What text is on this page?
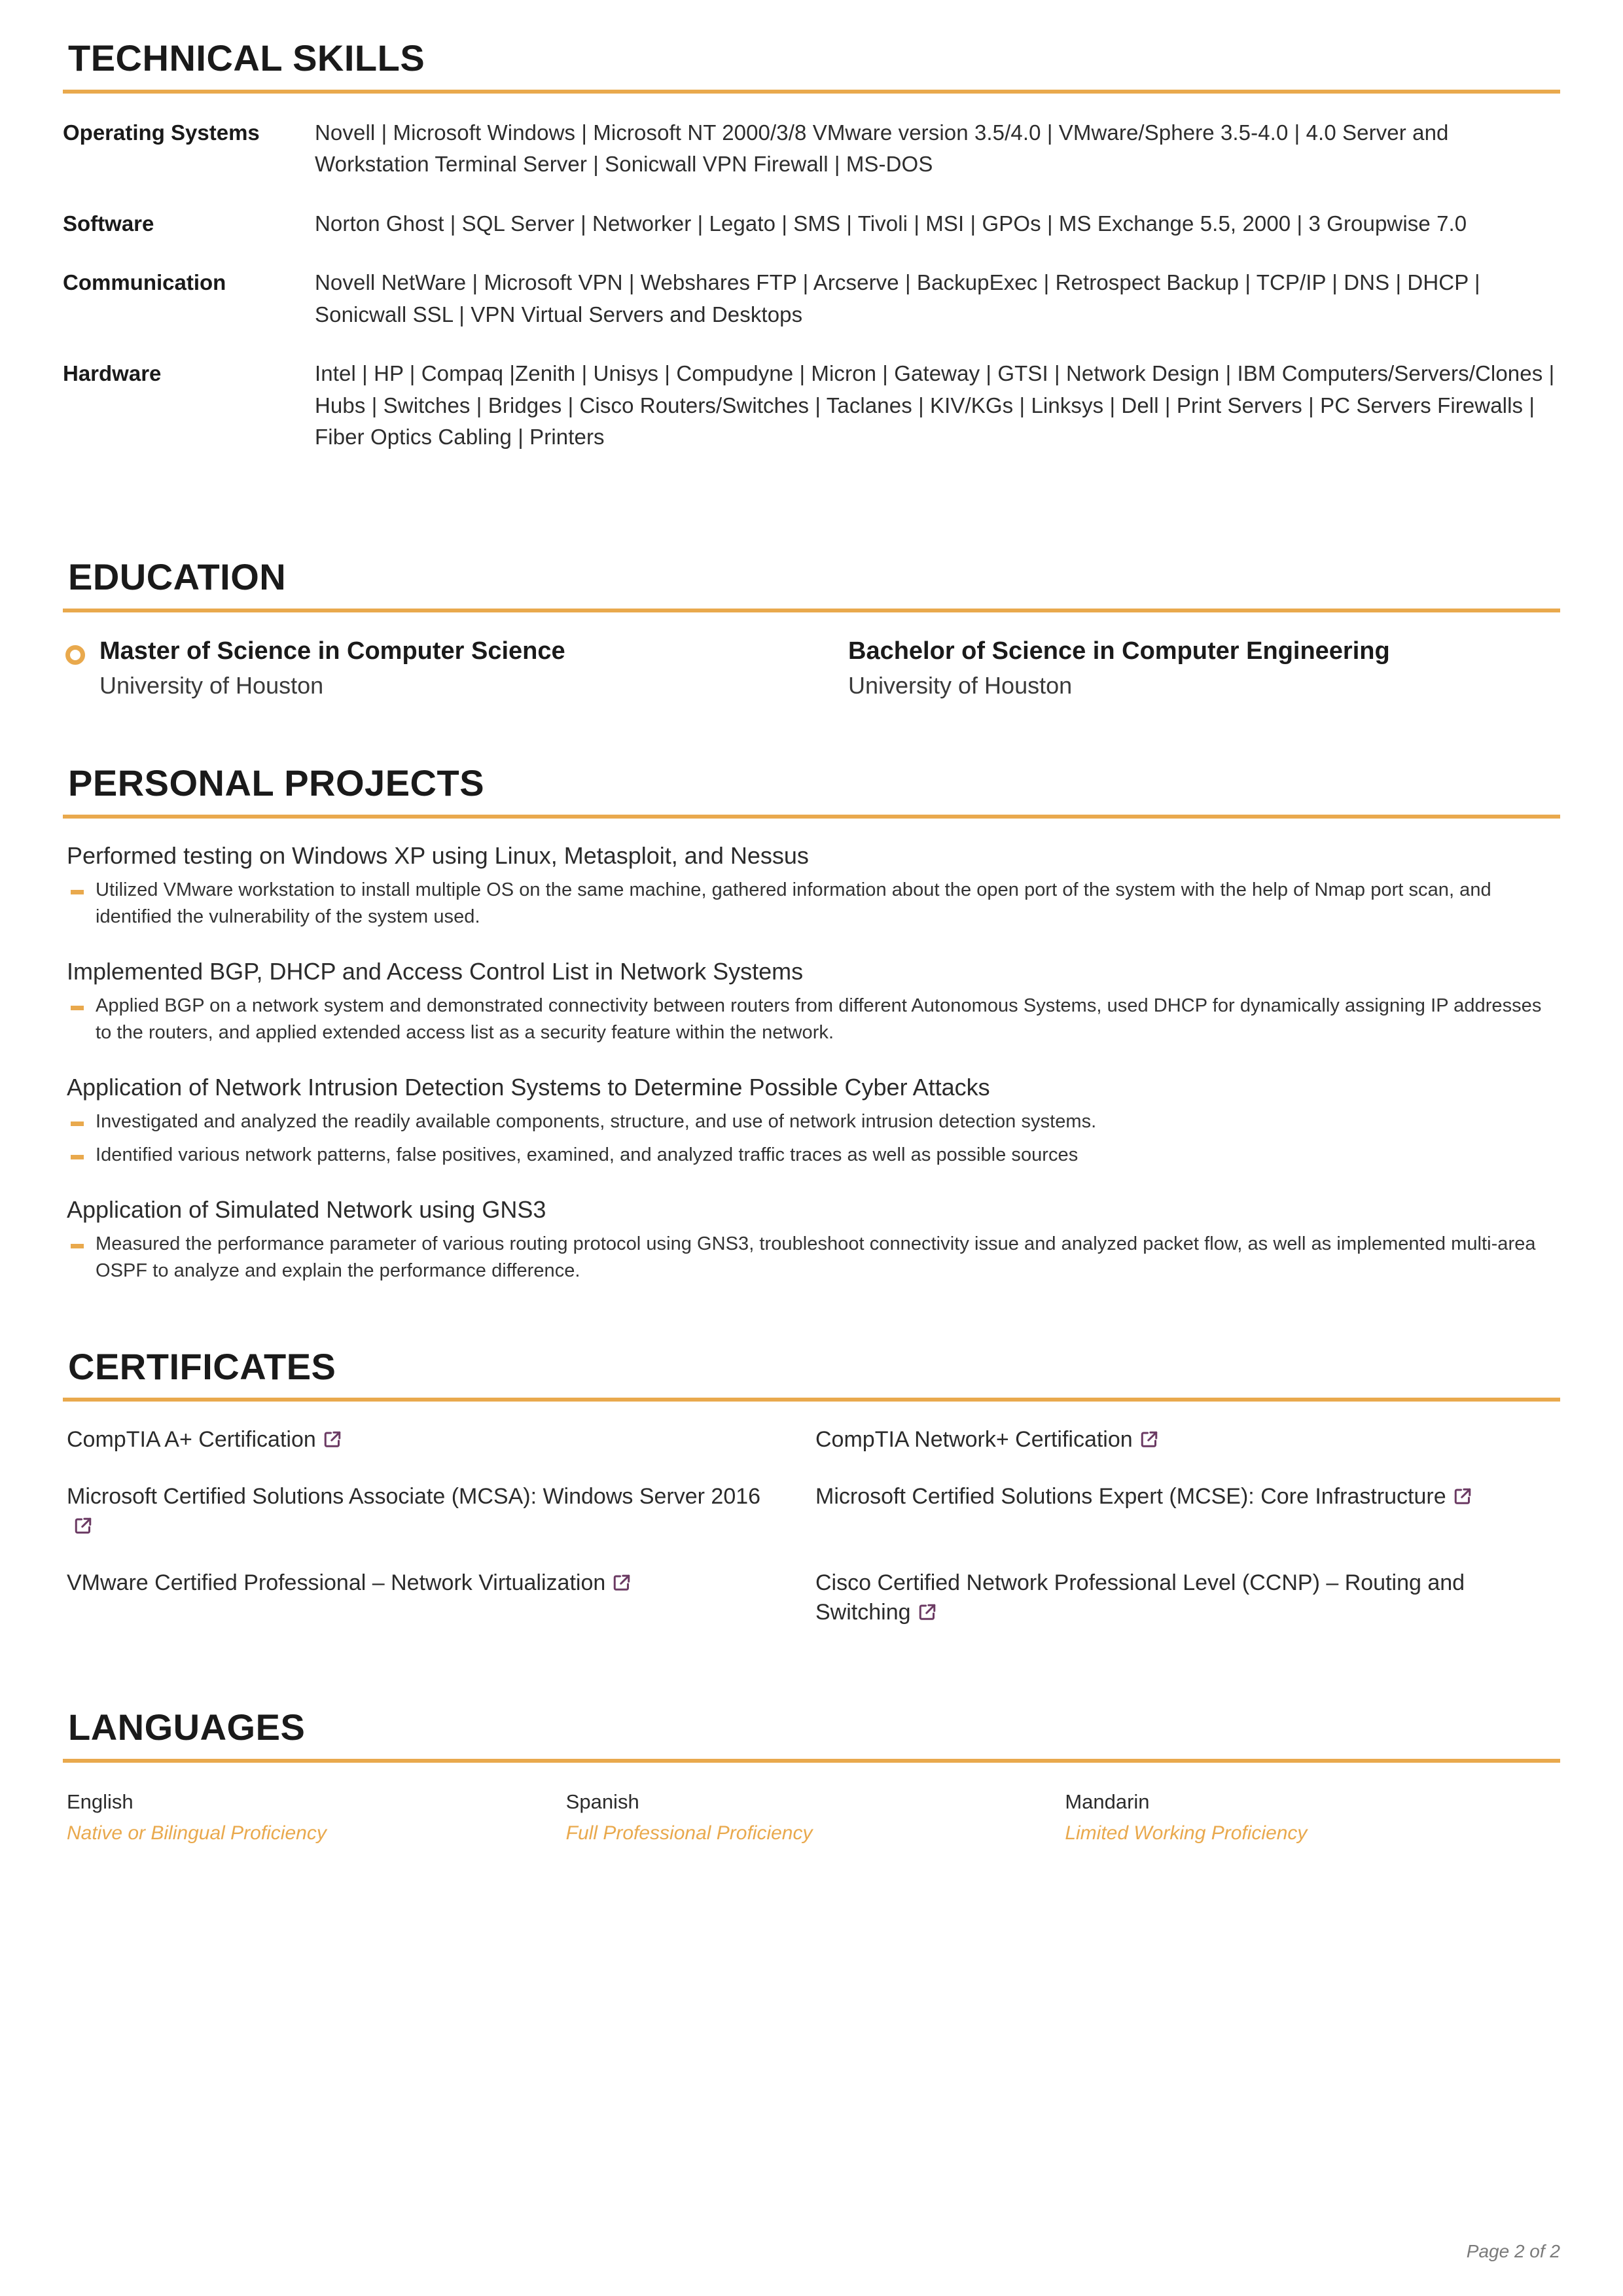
TECHNICAL SKILLS
Operating Systems	Novell | Microsoft Windows | Microsoft NT 2000/3/8 VMware version 3.5/4.0 | VMware/Sphere 3.5-4.0 | 4.0 Server and Workstation Terminal Server | Sonicwall VPN Firewall | MS-DOS
Software	Norton Ghost | SQL Server | Networker | Legato | SMS | Tivoli | MSI | GPOs | MS Exchange 5.5, 2000 | 3 Groupwise 7.0
Communication	Novell NetWare | Microsoft VPN | Webshares FTP | Arcserve | BackupExec | Retrospect Backup | TCP/IP | DNS | DHCP | Sonicwall SSL | VPN Virtual Servers and Desktops
Hardware	Intel | HP | Compaq |Zenith | Unisys | Compudyne | Micron | Gateway | GTSI | Network Design | IBM Computers/Servers/Clones | Hubs | Switches | Bridges | Cisco Routers/Switches | Taclanes | KIV/KGs | Linksys | Dell | Print Servers | PC Servers Firewalls | Fiber Optics Cabling | Printers
EDUCATION
Master of Science in Computer Science
University of Houston
Bachelor of Science in Computer Engineering
University of Houston
PERSONAL PROJECTS
Performed testing on Windows XP using Linux, Metasploit, and Nessus
Utilized VMware workstation to install multiple OS on the same machine, gathered information about the open port of the system with the help of Nmap port scan, and identified the vulnerability of the system used.
Implemented BGP, DHCP and Access Control List in Network Systems
Applied BGP on a network system and demonstrated connectivity between routers from different Autonomous Systems, used DHCP for dynamically assigning IP addresses to the routers, and applied extended access list as a security feature within the network.
Application of Network Intrusion Detection Systems to Determine Possible Cyber Attacks
Investigated and analyzed the readily available components, structure, and use of network intrusion detection systems.
Identified various network patterns, false positives, examined, and analyzed traffic traces as well as possible sources
Application of Simulated Network using GNS3
Measured the performance parameter of various routing protocol using GNS3, troubleshoot connectivity issue and analyzed packet flow, as well as implemented multi-area OSPF to analyze and explain the performance difference.
CERTIFICATES
CompTIA A+ Certification	CompTIA Network+ Certification
Microsoft Certified Solutions Associate (MCSA): Windows Server 2016	Microsoft Certified Solutions Expert (MCSE): Core Infrastructure
VMware Certified Professional – Network Virtualization	Cisco Certified Network Professional Level (CCNP) – Routing and Switching
LANGUAGES
English
Native or Bilingual Proficiency
Spanish
Full Professional Proficiency
Mandarin
Limited Working Proficiency
Page 2 of 2
